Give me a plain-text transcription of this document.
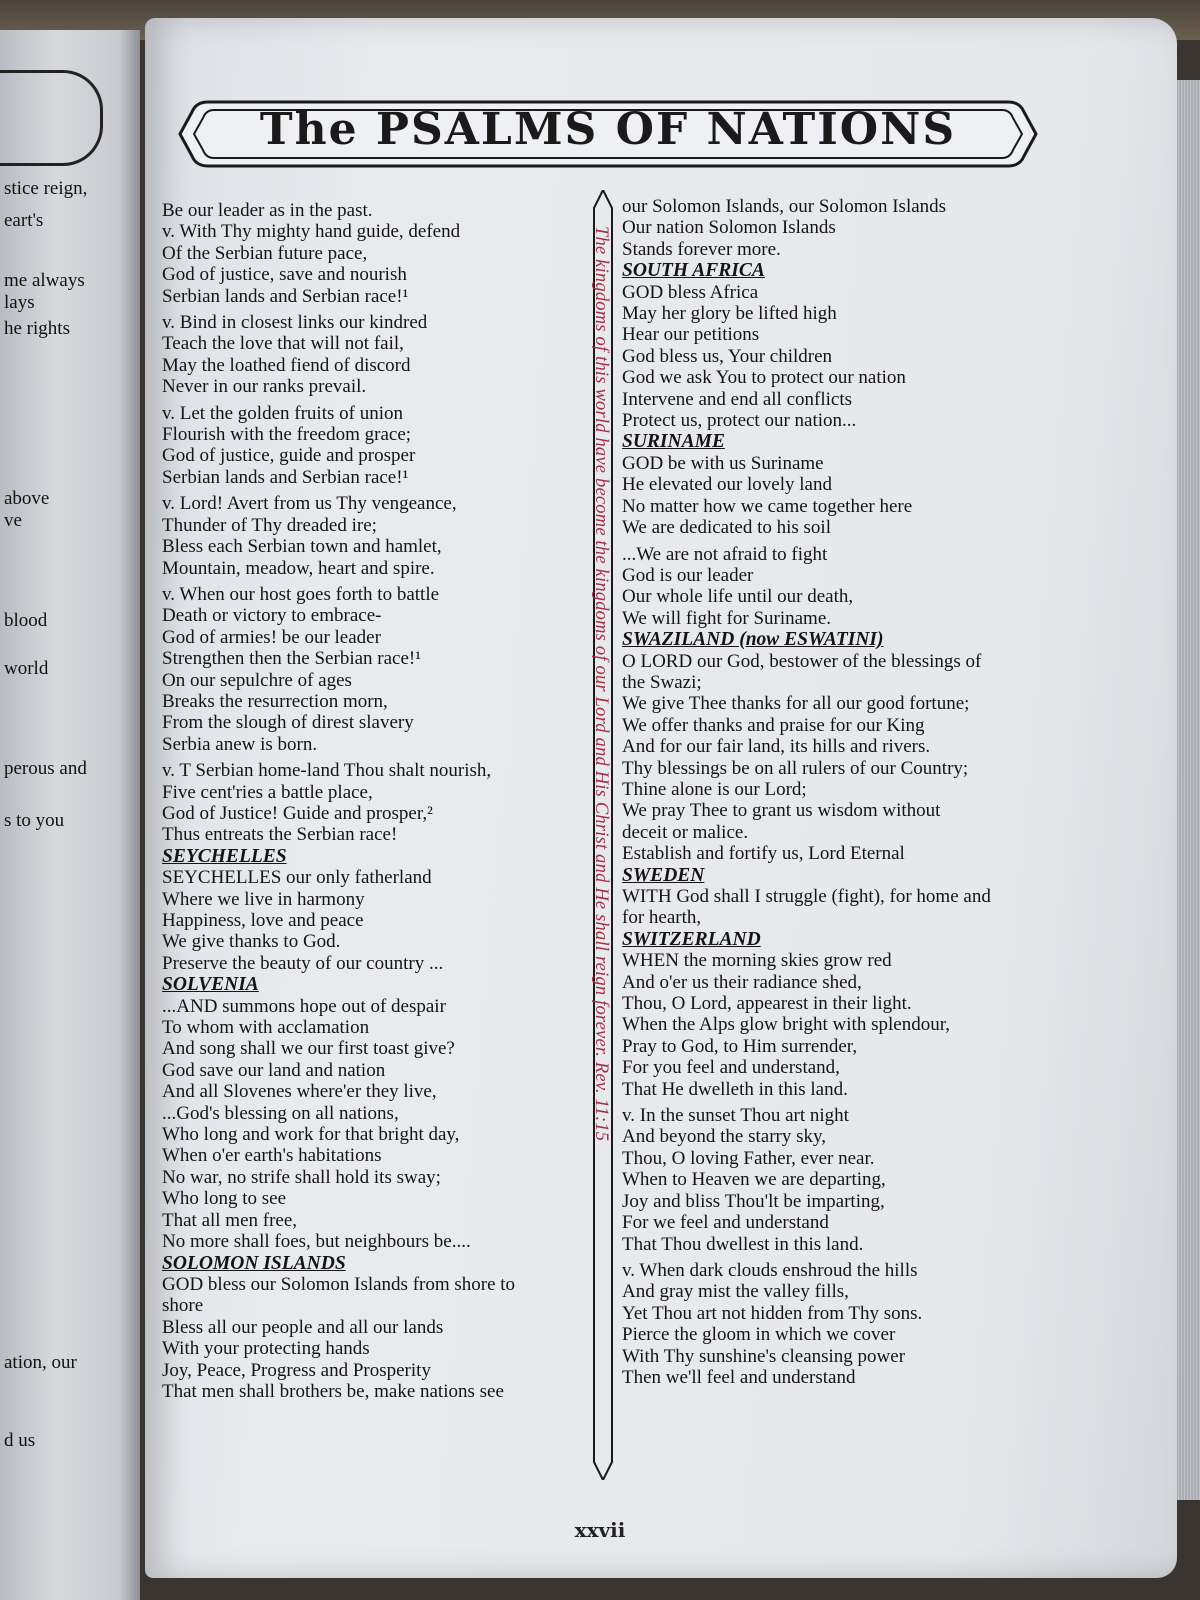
stice reign,
eart's
me always
lays
he rights
above
ve
blood
world
perous and
s to you
ation, our
d us
The PSALMS OF NATIONS
Be our leader as in the past.
v. With Thy mighty hand guide, defend
Of the Serbian future pace,
God of justice, save and nourish
Serbian lands and Serbian race!¹
v. Bind in closest links our kindred
Teach the love that will not fail,
May the loathed fiend of discord
Never in our ranks prevail.
v. Let the golden fruits of union
Flourish with the freedom grace;
God of justice, guide and prosper
Serbian lands and Serbian race!¹
v. Lord! Avert from us Thy vengeance,
Thunder of Thy dreaded ire;
Bless each Serbian town and hamlet,
Mountain, meadow, heart and spire.
v. When our host goes forth to battle
Death or victory to embrace-
God of armies! be our leader
Strengthen then the Serbian race!¹
On our sepulchre of ages
Breaks the resurrection morn,
From the slough of direst slavery
Serbia anew is born.
v. T Serbian home-land Thou shalt nourish,
Five cent'ries a battle place,
God of Justice! Guide and prosper,²
Thus entreats the Serbian race!
SEYCHELLES
SEYCHELLES our only fatherland
Where we live in harmony
Happiness, love and peace
We give thanks to God.
Preserve the beauty of our country ...
SOLVENIA
...AND summons hope out of despair
To whom with acclamation
And song shall we our first toast give?
God save our land and nation
And all Slovenes where'er they live,
...God's blessing on all nations,
Who long and work for that bright day,
When o'er earth's habitations
No war, no strife shall hold its sway;
Who long to see
That all men free,
No more shall foes, but neighbours be....
SOLOMON ISLANDS
GOD bless our Solomon Islands from shore to
shore
Bless all our people and all our lands
With your protecting hands
Joy, Peace, Progress and Prosperity
That men shall brothers be, make nations see
The kingdoms of this world have become the kingdoms of our Lord and His Christ and He shall reign forever. Rev. 11:15
our Solomon Islands, our Solomon Islands
Our nation Solomon Islands
Stands forever more.
SOUTH AFRICA
GOD bless Africa
May her glory be lifted high
Hear our petitions
God bless us, Your children
God we ask You to protect our nation
Intervene and end all conflicts
Protect us, protect our nation...
SURINAME
GOD be with us Suriname
He elevated our lovely land
No matter how we came together here
We are dedicated to his soil
...We are not afraid to fight
God is our leader
Our whole life until our death,
We will fight for Suriname.
SWAZILAND (now ESWATINI)
O LORD our God, bestower of the blessings of
the Swazi;
We give Thee thanks for all our good fortune;
We offer thanks and praise for our King
And for our fair land, its hills and rivers.
Thy blessings be on all rulers of our Country;
Thine alone is our Lord;
We pray Thee to grant us wisdom without
deceit or malice.
Establish and fortify us, Lord Eternal
SWEDEN
WITH God shall I struggle (fight), for home and
for hearth,
SWITZERLAND
WHEN the morning skies grow red
And o'er us their radiance shed,
Thou, O Lord, appearest in their light.
When the Alps glow bright with splendour,
Pray to God, to Him surrender,
For you feel and understand,
That He dwelleth in this land.
v. In the sunset Thou art night
And beyond the starry sky,
Thou, O loving Father, ever near.
When to Heaven we are departing,
Joy and bliss Thou'lt be imparting,
For we feel and understand
That Thou dwellest in this land.
v. When dark clouds enshroud the hills
And gray mist the valley fills,
Yet Thou art not hidden from Thy sons.
Pierce the gloom in which we cover
With Thy sunshine's cleansing power
Then we'll feel and understand
xxvii
